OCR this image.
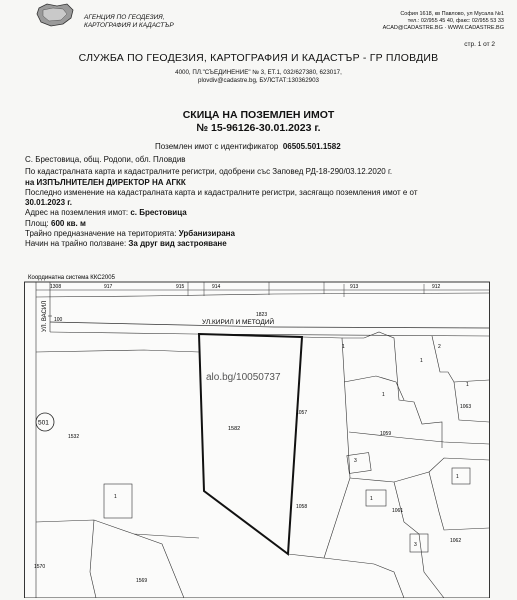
АГЕНЦИЯ ПО ГЕОДЕЗИЯ,
КАРТОГРАФИЯ И КАДАСТЪР
София 1618, кв Павлово, ул Мусала №1
тел.: 02/955 45 40, факс: 02/955 53 33
ACAD@CADASTRE.BG · WWW.CADASTRE.BG
стр. 1 от 2
СЛУЖБА ПО ГЕОДЕЗИЯ, КАРТОГРАФИЯ И КАДАСТЪР - ГР ПЛОВДИВ
4000, ПЛ."СЪЕДИНЕНИЕ" № 3, ЕТ.1, 032/627380, 623017,
plovdiv@cadastre.bg, БУЛСТАТ:130362903
СКИЦА НА ПОЗЕМЛЕН ИМОТ
№ 15-96126-30.01.2023 г.
Поземлен имот с идентификатор 06505.501.1582
С. Брестовица, общ. Родопи, обл. Пловдив
По кадастралната карта и кадастралните регистри, одобрени със Заповед РД-18-290/03.12.2020 г.
на ИЗПЪЛНИТЕЛЕН ДИРЕКТОР НА АГКК
Последно изменение на кадастралната карта и кадастралните регистри, засягащо поземления имот е от
30.01.2023 г.
Адрес на поземления имот: с. Брестовица
Площ: 600 кв. м
Трайно предназначение на територията: Урбанизирана
Начин на трайно ползване: За друг вид застрояване
Координатна система ККС2005
1308	917	915	914	913	912
1823
100	УЛ.КИРИЛ И МЕТОДИЙ
УЛ. ВАСИЛ
1582
1057
1059
1063
1
1
1
1
2
1058
1061
1062
3
3
1
1
1
1532
1570
1569
501
alo.bg/10050737
